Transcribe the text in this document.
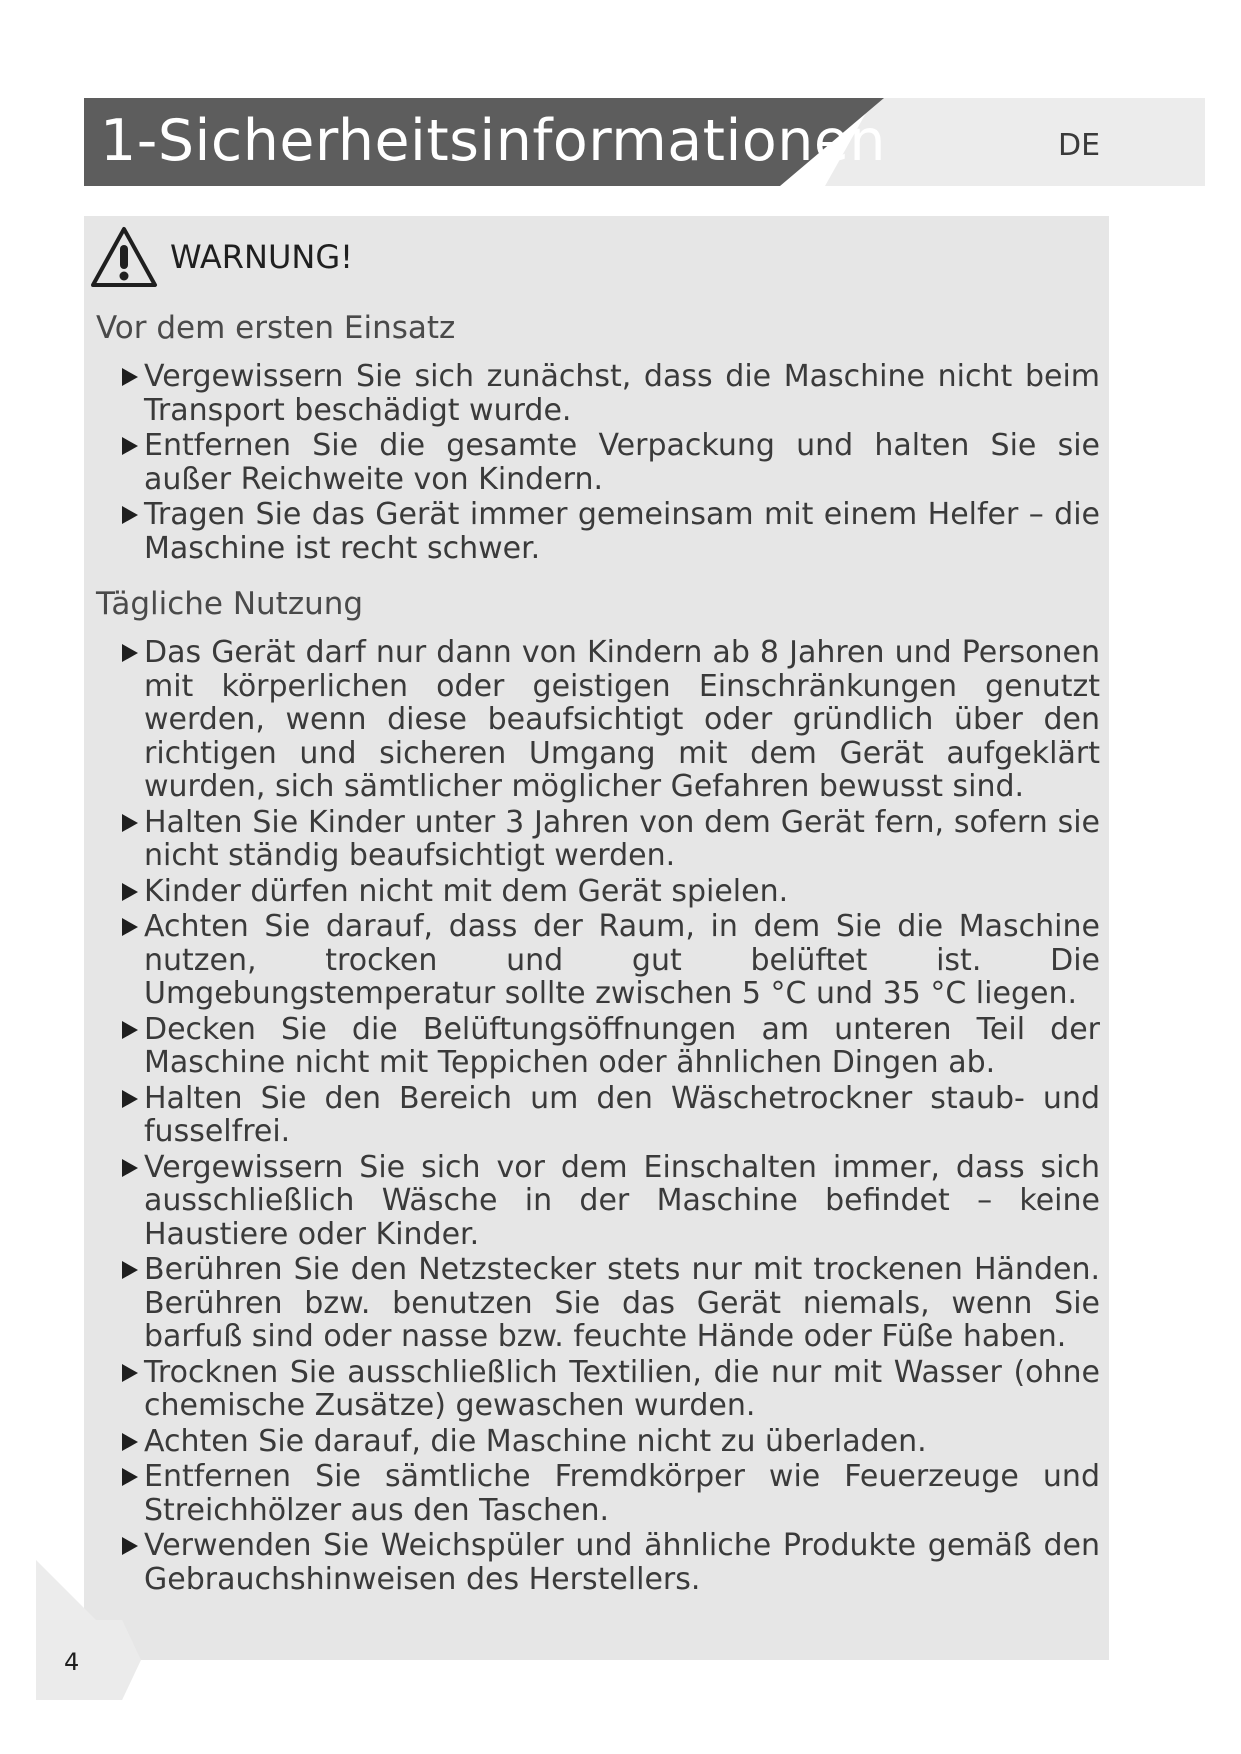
DE
1-Sicherheitsinformationen
WARNUNG!
Vor dem ersten Einsatz
Vergewissern Sie sich zunächst, dass die Maschine nicht beim Transport beschädigt wurde.
Entfernen Sie die gesamte Verpackung und halten Sie sie außer Reichweite von Kindern.
Tragen Sie das Gerät immer gemeinsam mit einem Helfer – die Maschine ist recht schwer.
Tägliche Nutzung
Das Gerät darf nur dann von Kindern ab 8 Jahren und Personen mit körperlichen oder geistigen Einschränkungen genutzt werden, wenn diese beaufsichtigt oder gründlich über den richtigen und sicheren Umgang mit dem Gerät aufgeklärt wurden, sich sämtlicher möglicher Gefahren bewusst sind.
Halten Sie Kinder unter 3 Jahren von dem Gerät fern, sofern sie nicht ständig beaufsichtigt werden.
Kinder dürfen nicht mit dem Gerät spielen.
Achten Sie darauf, dass der Raum, in dem Sie die Maschine nutzen, trocken und gut belüftet ist. Die Umgebungstemperatur sollte zwischen 5 °C und 35 °C liegen.
Decken Sie die Belüftungsöffnungen am unteren Teil der Maschine nicht mit Teppichen oder ähnlichen Dingen ab.
Halten Sie den Bereich um den Wäschetrockner staub- und fusselfrei.
Vergewissern Sie sich vor dem Einschalten immer, dass sich ausschließlich Wäsche in der Maschine befindet – keine Haustiere oder Kinder.
Berühren Sie den Netzstecker stets nur mit trockenen Händen. Berühren bzw. benutzen Sie das Gerät niemals, wenn Sie barfuß sind oder nasse bzw. feuchte Hände oder Füße haben.
Trocknen Sie ausschließlich Textilien, die nur mit Wasser (ohne chemische Zusätze) gewaschen wurden.
Achten Sie darauf, die Maschine nicht zu überladen.
Entfernen Sie sämtliche Fremdkörper wie Feuerzeuge und Streichhölzer aus den Taschen.
Verwenden Sie Weichspüler und ähnliche Produkte gemäß den Gebrauchshinweisen des Herstellers.
4
